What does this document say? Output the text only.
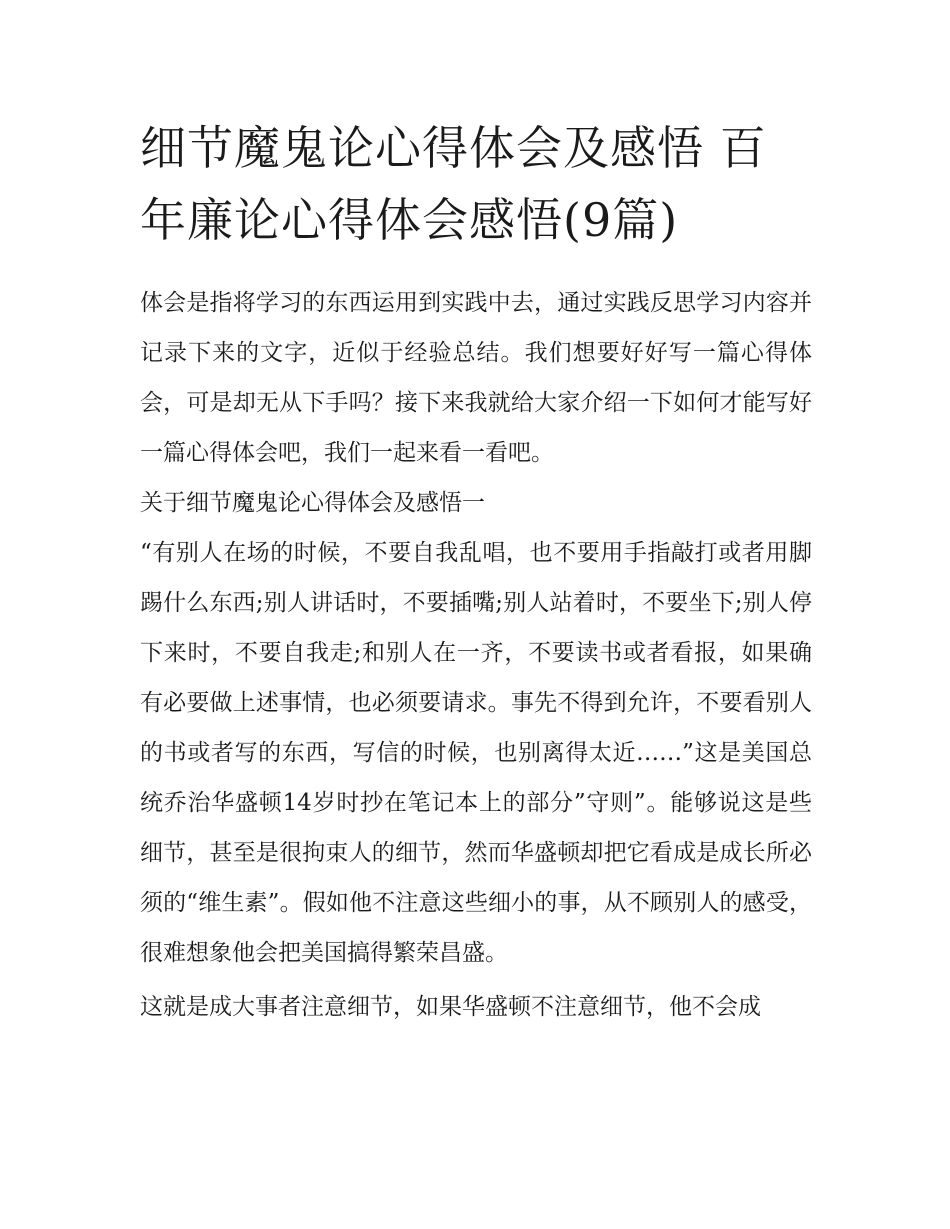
细节魔鬼论心得体会及感悟 百年廉论心得体会感悟(9篇)

体会是指将学习的东西运用到实践中去，通过实践反思学习内容并记录下来的文字，近似于经验总结。我们想要好好写一篇心得体会，可是却无从下手吗？接下来我就给大家介绍一下如何才能写好一篇心得体会吧，我们一起来看一看吧。

关于细节魔鬼论心得体会及感悟一

“有别人在场的时候，不要自我乱唱，也不要用手指敲打或者用脚踢什么东西;别人讲话时，不要插嘴;别人站着时，不要坐下;别人停下来时，不要自我走;和别人在一齐，不要读书或者看报，如果确有必要做上述事情，也必须要请求。事先不得到允许，不要看别人的书或者写的东西，写信的时候，也别离得太近……”这是美国总统乔治华盛顿14岁时抄在笔记本上的部分”守则”。能够说这是些细节，甚至是很拘束人的细节，然而华盛顿却把它看成是成长所必须的“维生素”。假如他不注意这些细小的事，从不顾别人的感受，很难想象他会把美国搞得繁荣昌盛。

这就是成大事者注意细节，如果华盛顿不注意细节，他不会成
